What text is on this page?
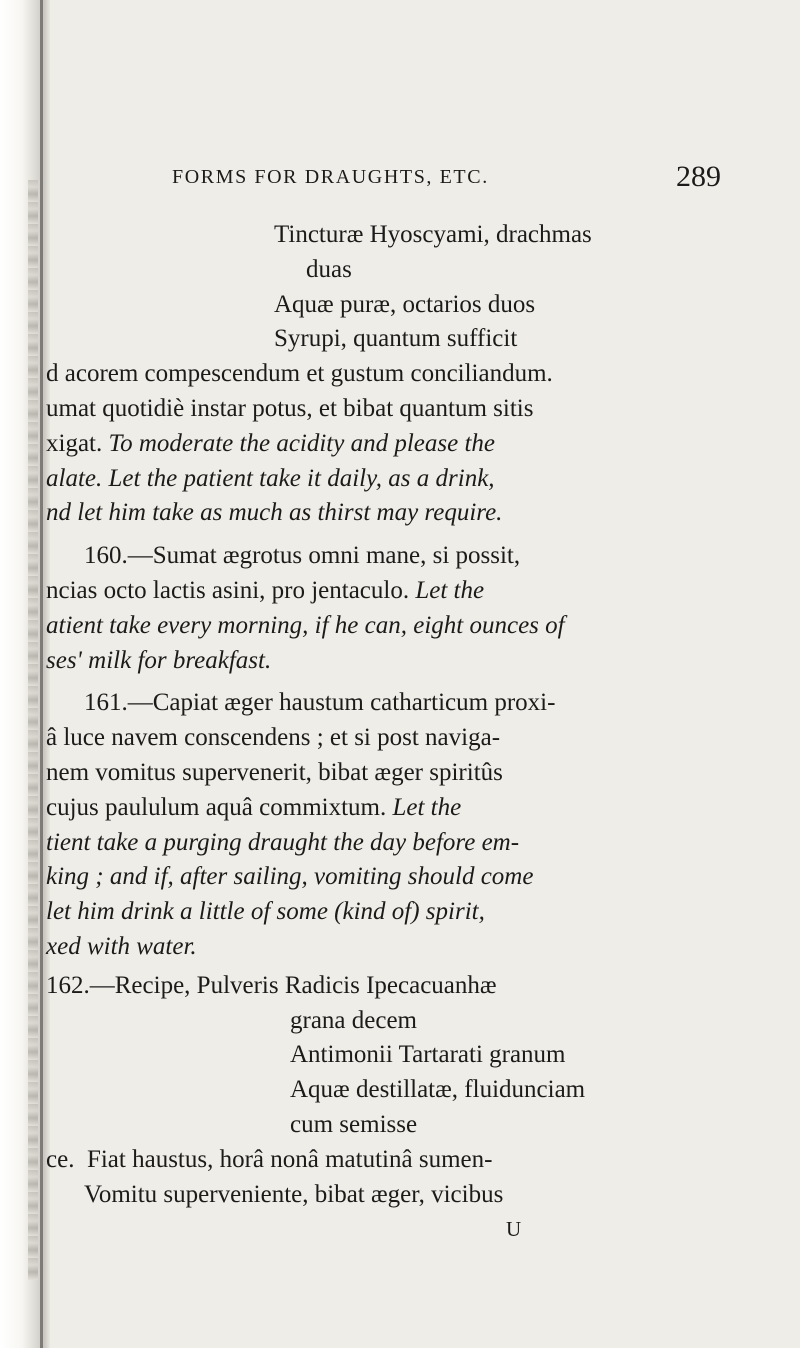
FORMS FOR DRAUGHTS, ETC.	289
Tincturæ Hyoscyami, drachmas
duas
Aquæ puræ, octarios duos
Syrupi, quantum sufficit
d acorem compescendum et gustum conciliandum.
umat quotidiè instar potus, et bibat quantum sitis
xigat. To moderate the acidity and please the
alate. Let the patient take it daily, as a drink,
nd let him take as much as thirst may require.
160.—Sumat ægrotus omni mane, si possit,
ncias octo lactis asini, pro jentaculo. Let the
atient take every morning, if he can, eight ounces of
ses' milk for breakfast.
161.—Capiat æger haustum catharticum proxi-
â luce navem conscendens ; et si post naviga-
nem vomitus supervenerit, bibat æger spiritûs
cujus paululum aquâ commixtum. Let the
tient take a purging draught the day before em-
king ; and if, after sailing, vomiting should come
let him drink a little of some (kind of) spirit,
xed with water.
162.—Recipe, Pulveris Radicis Ipecacuanhæ
grana decem
Antimonii Tartarati granum
Aquæ destillatæ, fluidunciam
cum semisse
ce. Fiat haustus, horâ nonâ matutinâ sumen-
Vomitu superveniente, bibat æger, vicibus
U
